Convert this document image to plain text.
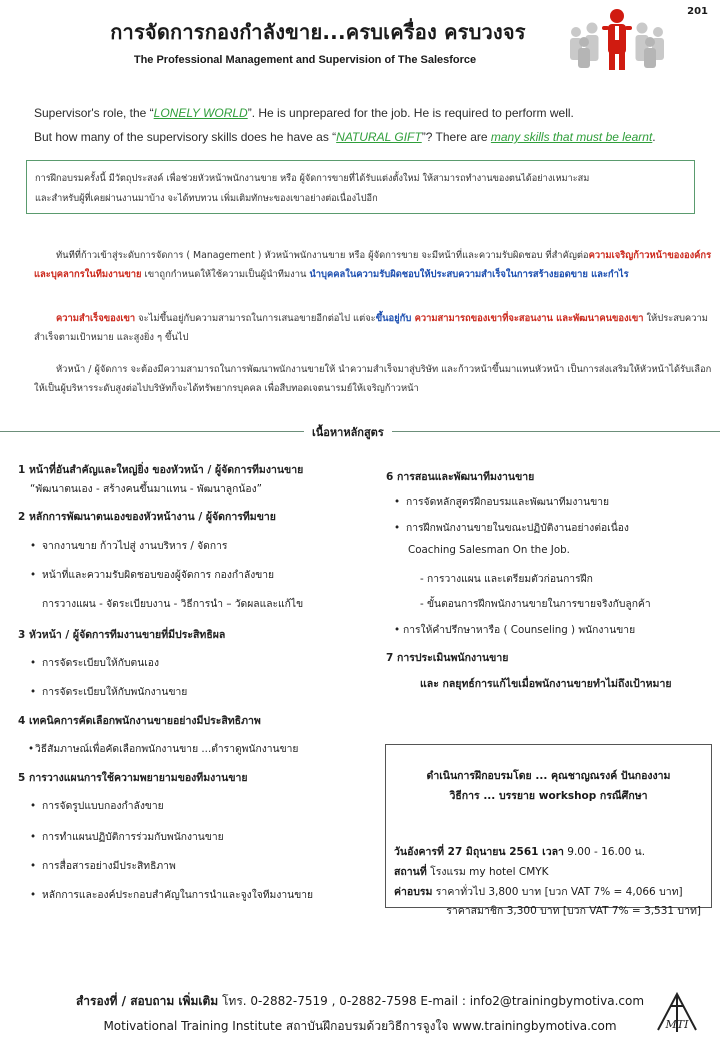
201
การจัดการกองกำลังขาย...ครบเครื่อง ครบวงจร
The Professional Management and Supervision of The Salesforce
Supervisor's role, the “LONELY WORLD”. He is unprepared for the job. He is required to perform well.
But how many of the supervisory skills does he have as “NATURAL GIFT”? There are many skills that must be learnt.
การฝึกอบรมครั้งนี้ มีวัตถุประสงค์ เพื่อช่วยหัวหน้าพนักงานขาย หรือ ผู้จัดการขายที่ได้รับแต่งตั้งใหม่ ให้สามารถทำงานของตนได้อย่างเหมาะสม
และสำหรับผู้ที่เคยผ่านงานมาบ้าง จะได้ทบทวน เพิ่มเติมทักษะของเขาอย่างต่อเนื่องไปอีก
ทันทีที่ก้าวเข้าสู่ระดับการจัดการ ( Management ) หัวหน้าพนักงานขาย หรือ ผู้จัดการขาย จะมีหน้าที่และความรับผิดชอบ ที่สำคัญต่อความเจริญก้าวหน้าขององค์กร และบุคลากรในทีมงานขาย เขาถูกกำหนดให้ใช้ความเป็นผู้นำทีมงาน นำบุคคลในความรับผิดชอบให้ประสบความสำเร็จในการสร้างยอดขาย และกำไร
ความสำเร็จของเขา จะไม่ขึ้นอยู่กับความสามารถในการเสนอขายอีกต่อไป แต่จะขึ้นอยู่กับ ความสามารถของเขาที่จะสอนงาน และพัฒนาคนของเขา ให้ประสบความสำเร็จตามเป้าหมาย และสูงยิ่ง ๆ ขึ้นไป
หัวหน้า / ผู้จัดการ จะต้องมีความสามารถในการพัฒนาพนักงานขายให้ นำความสำเร็จมาสู่บริษัท และก้าวหน้าขึ้นมาแทนหัวหน้า เป็นการส่งเสริมให้หัวหน้าได้รับเลือกให้เป็นผู้บริหารระดับสูงต่อไปบริษัทก็จะได้ทรัพยากรบุคคล เพื่อสืบทอดเจตนารมย์ให้เจริญก้าวหน้า
เนื้อหาหลักสูตร
1 หน้าที่อันสำคัญและใหญ่ยิ่ง ของหัวหน้า / ผู้จัดการทีมงานขาย
“พัฒนาตนเอง - สร้างคนขึ้นมาแทน - พัฒนาลูกน้อง”
2 หลักการพัฒนาตนเองของหัวหน้างาน / ผู้จัดการทีมขาย
• จากงานขาย ก้าวไปสู่ งานบริหาร / จัดการ
• หน้าที่และความรับผิดชอบของผู้จัดการ กองกำลังขาย
การวางแผน - จัดระเบียบงาน - วิธีการนำ – วัดผลและแก้ไข
3 หัวหน้า / ผู้จัดการทีมงานขายที่มีประสิทธิผล
• การจัดระเบียบให้กับตนเอง
• การจัดระเบียบให้กับพนักงานขาย
4 เทคนิคการคัดเลือกพนักงานขายอย่างมีประสิทธิภาพ
•วิธีสัมภาษณ์เพื่อคัดเลือกพนักงานขาย ...ตำราดูพนักงานขาย
5 การวางแผนการใช้ความพยายามของทีมงานขาย
• การจัดรูปแบบกองกำลังขาย
• การทำแผนปฏิบัติการร่วมกับพนักงานขาย
• การสื่อสารอย่างมีประสิทธิภาพ
• หลักการและองค์ประกอบสำคัญในการนำและจูงใจทีมงานขาย
6 การสอนและพัฒนาทีมงานขาย
• การจัดหลักสูตรฝึกอบรมและพัฒนาทีมงานขาย
• การฝึกพนักงานขายในขณะปฏิบัติงานอย่างต่อเนื่อง
Coaching Salesman On the Job.
- การวางแผน และเตรียมตัวก่อนการฝึก
- ขั้นตอนการฝึกพนักงานขายในการขายจริงกับลูกค้า
• การให้คำปรึกษาหารือ ( Counseling ) พนักงานขาย
7 การประเมินพนักงานขาย
และ กลยุทธ์การแก้ไขเมื่อพนักงานขายทำไม่ถึงเป้าหมาย
ดำเนินการฝึกอบรมโดย ... คุณชาญณรงค์ ปันกองงาม
วิธีการ ... บรรยาย workshop กรณีศึกษา
วันอังคารที่ 27 มิถุนายน 2561 เวลา 9.00 - 16.00 น.
สถานที่ โรงแรม my hotel CMYK
ค่าอบรม ราคาทั่วไป 3,800 บาท [บวก VAT 7% = 4,066 บาท]
ราคาสมาชิก 3,300 บาท [บวก VAT 7% = 3,531 บาท]
สำรองที่ / สอบถาม เพิ่มเติม โทร. 0-2882-7519 , 0-2882-7598 E-mail : info2@trainingbymotiva.com
Motivational Training Institute สถาบันฝึกอบรมด้วยวิธีการจูงใจ www.trainingbymotiva.com	MTI
